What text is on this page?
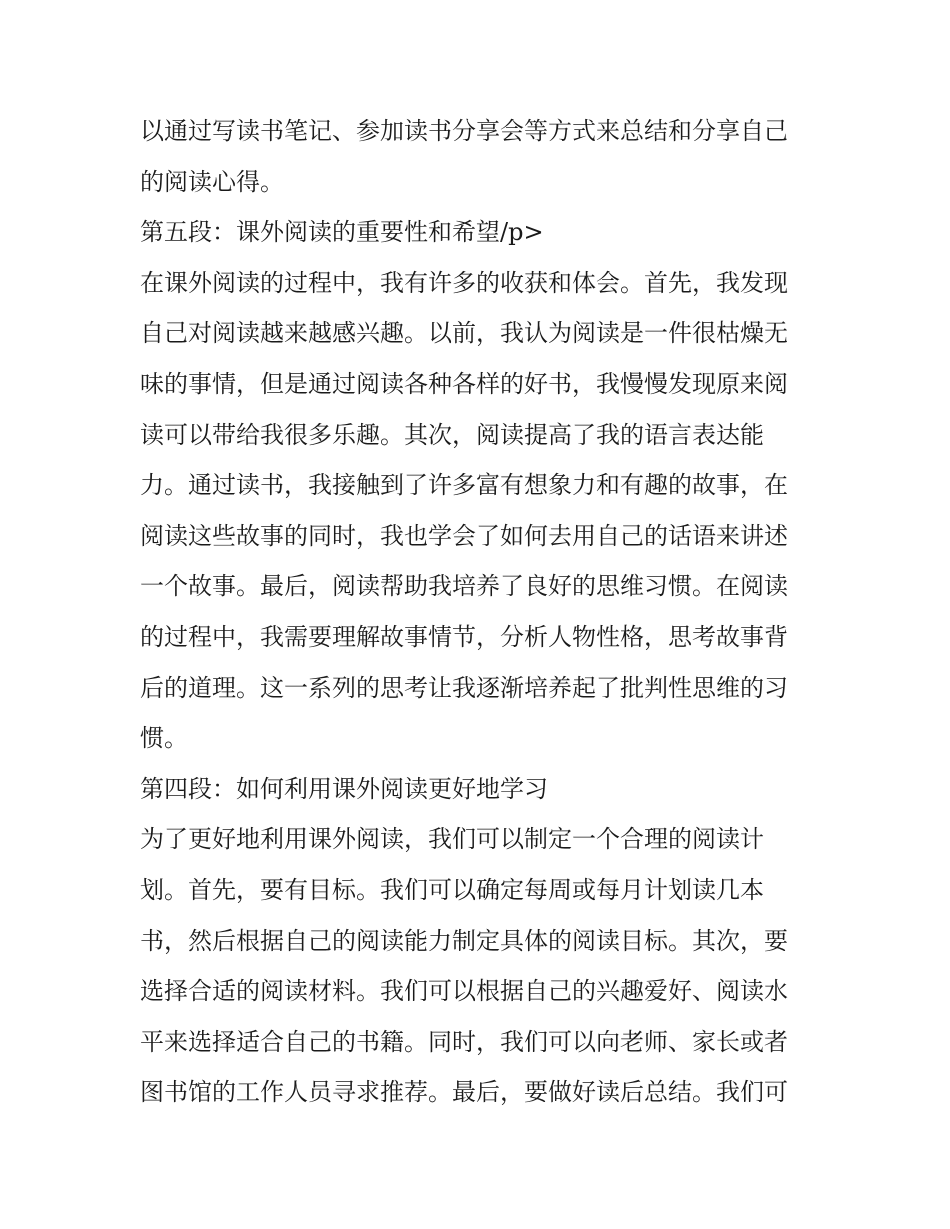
以通过写读书笔记、参加读书分享会等方式来总结和分享自己
的阅读心得。
第五段：课外阅读的重要性和希望/p>
在课外阅读的过程中，我有许多的收获和体会。首先，我发现
自己对阅读越来越感兴趣。以前，我认为阅读是一件很枯燥无
味的事情，但是通过阅读各种各样的好书，我慢慢发现原来阅
读可以带给我很多乐趣。其次，阅读提高了我的语言表达能
力。通过读书，我接触到了许多富有想象力和有趣的故事，在
阅读这些故事的同时，我也学会了如何去用自己的话语来讲述
一个故事。最后，阅读帮助我培养了良好的思维习惯。在阅读
的过程中，我需要理解故事情节，分析人物性格，思考故事背
后的道理。这一系列的思考让我逐渐培养起了批判性思维的习
惯。
第四段：如何利用课外阅读更好地学习
为了更好地利用课外阅读，我们可以制定一个合理的阅读计
划。首先，要有目标。我们可以确定每周或每月计划读几本
书，然后根据自己的阅读能力制定具体的阅读目标。其次，要
选择合适的阅读材料。我们可以根据自己的兴趣爱好、阅读水
平来选择适合自己的书籍。同时，我们可以向老师、家长或者
图书馆的工作人员寻求推荐。最后，要做好读后总结。我们可
